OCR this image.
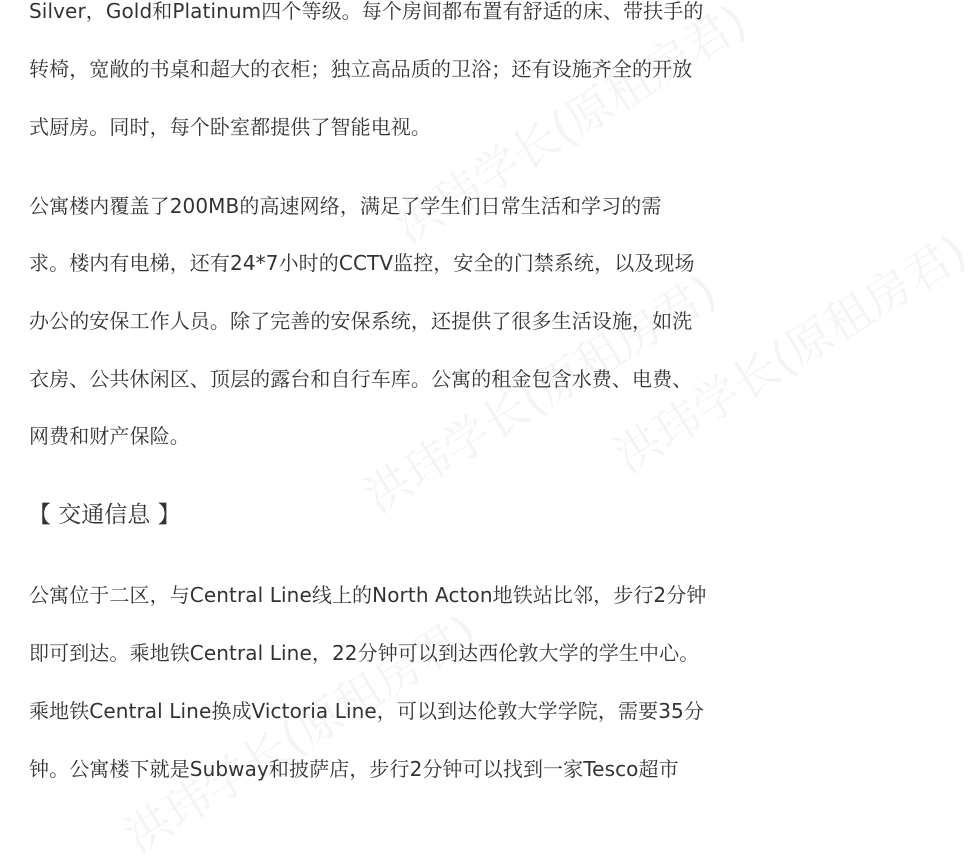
Silver，Gold和Platinum四个等级。每个房间都布置有舒适的床、带扶手的
转椅，宽敞的书桌和超大的衣柜；独立高品质的卫浴；还有设施齐全的开放
式厨房。同时，每个卧室都提供了智能电视。
公寓楼内覆盖了200MB的高速网络，满足了学生们日常生活和学习的需
求。楼内有电梯，还有24*7小时的CCTV监控，安全的门禁系统，以及现场
办公的安保工作人员。除了完善的安保系统，还提供了很多生活设施，如洗
衣房、公共休闲区、顶层的露台和自行车库。公寓的租金包含水费、电费、
网费和财产保险。
【 交通信息 】
公寓位于二区，与Central Line线上的North Acton地铁站比邻，步行2分钟
即可到达。乘地铁Central Line，22分钟可以到达西伦敦大学的学生中心。
乘地铁Central Line换成Victoria Line，可以到达伦敦大学学院，需要35分
钟。公寓楼下就是Subway和披萨店，步行2分钟可以找到一家Tesco超市
